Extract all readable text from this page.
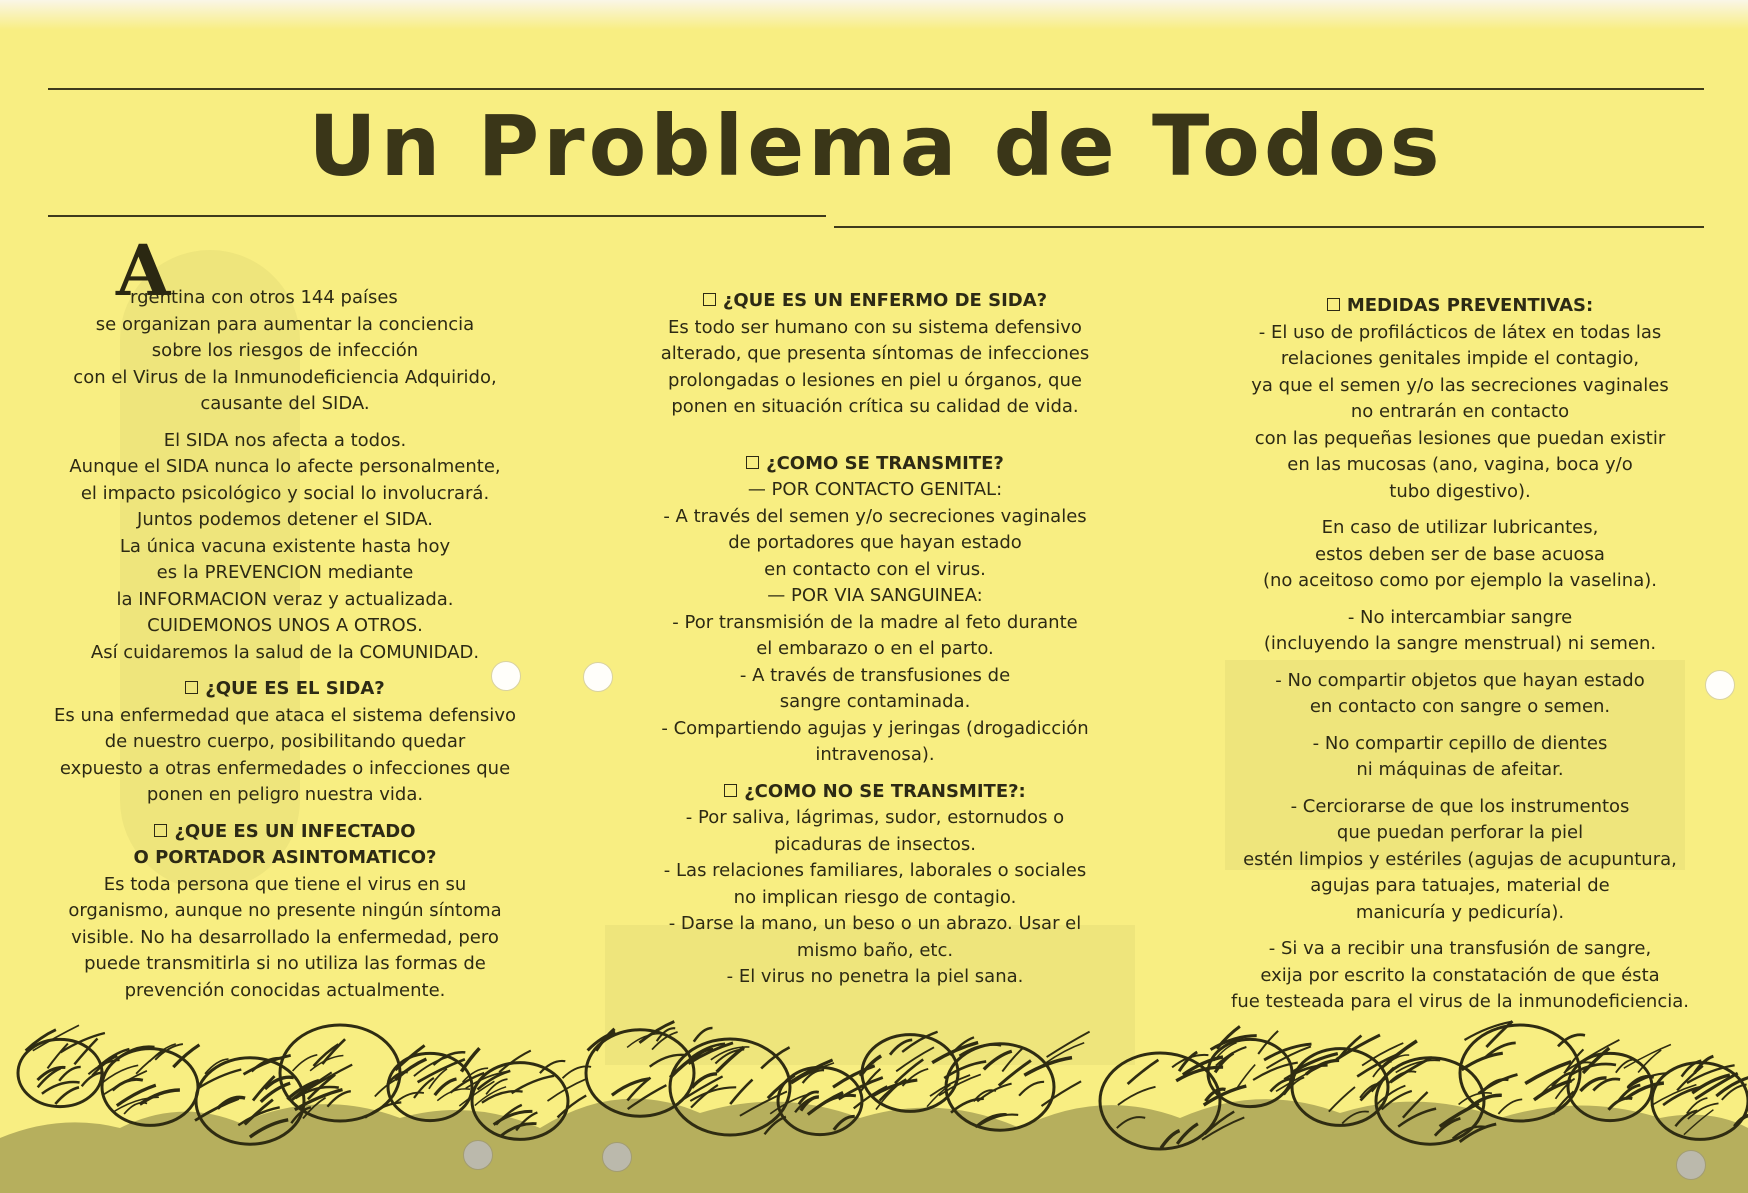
Un Problema de Todos
A

rgentina con otros 144 países

se organizan para aumentar la conciencia
sobre los riesgos de infección
con el Virus de la Inmunodeficiencia Adquirido,
causante del SIDA.

El SIDA nos afecta a todos.
Aunque el SIDA nunca lo afecte personalmente,
el impacto psicológico y social lo involucrará.
Juntos podemos detener el SIDA.
La única vacuna existente hasta hoy
es la PREVENCION mediante
la INFORMACION veraz y actualizada.
CUIDEMONOS UNOS A OTROS.
Así cuidaremos la salud de la COMUNIDAD.

¿QUE ES EL SIDA?

Es una enfermedad que ataca el sistema defensivo
de nuestro cuerpo, posibilitando quedar
expuesto a otras enfermedades o infecciones que
ponen en peligro nuestra vida.

¿QUE ES UN INFECTADO
O PORTADOR ASINTOMATICO?

Es toda persona que tiene el virus en su
organismo, aunque no presente ningún síntoma
visible. No ha desarrollado la enfermedad, pero
puede transmitirla si no utiliza las formas de
prevención conocidas actualmente.

¿QUE ES UN ENFERMO DE SIDA?

Es todo ser humano con su sistema defensivo
alterado, que presenta síntomas de infecciones
prolongadas o lesiones en piel u órganos, que
ponen en situación crítica su calidad de vida.

¿COMO SE TRANSMITE?

— POR CONTACTO GENITAL:
- A través del semen y/o secreciones vaginales
de portadores que hayan estado
en contacto con el virus.
— POR VIA SANGUINEA:
- Por transmisión de la madre al feto durante
el embarazo o en el parto.
- A través de transfusiones de
sangre contaminada.
- Compartiendo agujas y jeringas (drogadicción
intravenosa).

¿COMO NO SE TRANSMITE?:

- Por saliva, lágrimas, sudor, estornudos o
picaduras de insectos.
- Las relaciones familiares, laborales o sociales
no implican riesgo de contagio.
- Darse la mano, un beso o un abrazo. Usar el
mismo baño, etc.
- El virus no penetra la piel sana.

MEDIDAS PREVENTIVAS:

- El uso de profilácticos de látex en todas las
relaciones genitales impide el contagio,
ya que el semen y/o las secreciones vaginales
no entrarán en contacto
con las pequeñas lesiones que puedan existir
en las mucosas (ano, vagina, boca y/o
tubo digestivo).

En caso de utilizar lubricantes,
estos deben ser de base acuosa
(no aceitoso como por ejemplo la vaselina).

- No intercambiar sangre
(incluyendo la sangre menstrual) ni semen.

- No compartir objetos que hayan estado
en contacto con sangre o semen.

- No compartir cepillo de dientes
ni máquinas de afeitar.

- Cerciorarse de que los instrumentos
que puedan perforar la piel
estén limpios y estériles (agujas de acupuntura,
agujas para tatuajes, material de
manicuría y pedicuría).

- Si va a recibir una transfusión de sangre,
exija por escrito la constatación de que ésta
fue testeada para el virus de la inmunodeficiencia.
